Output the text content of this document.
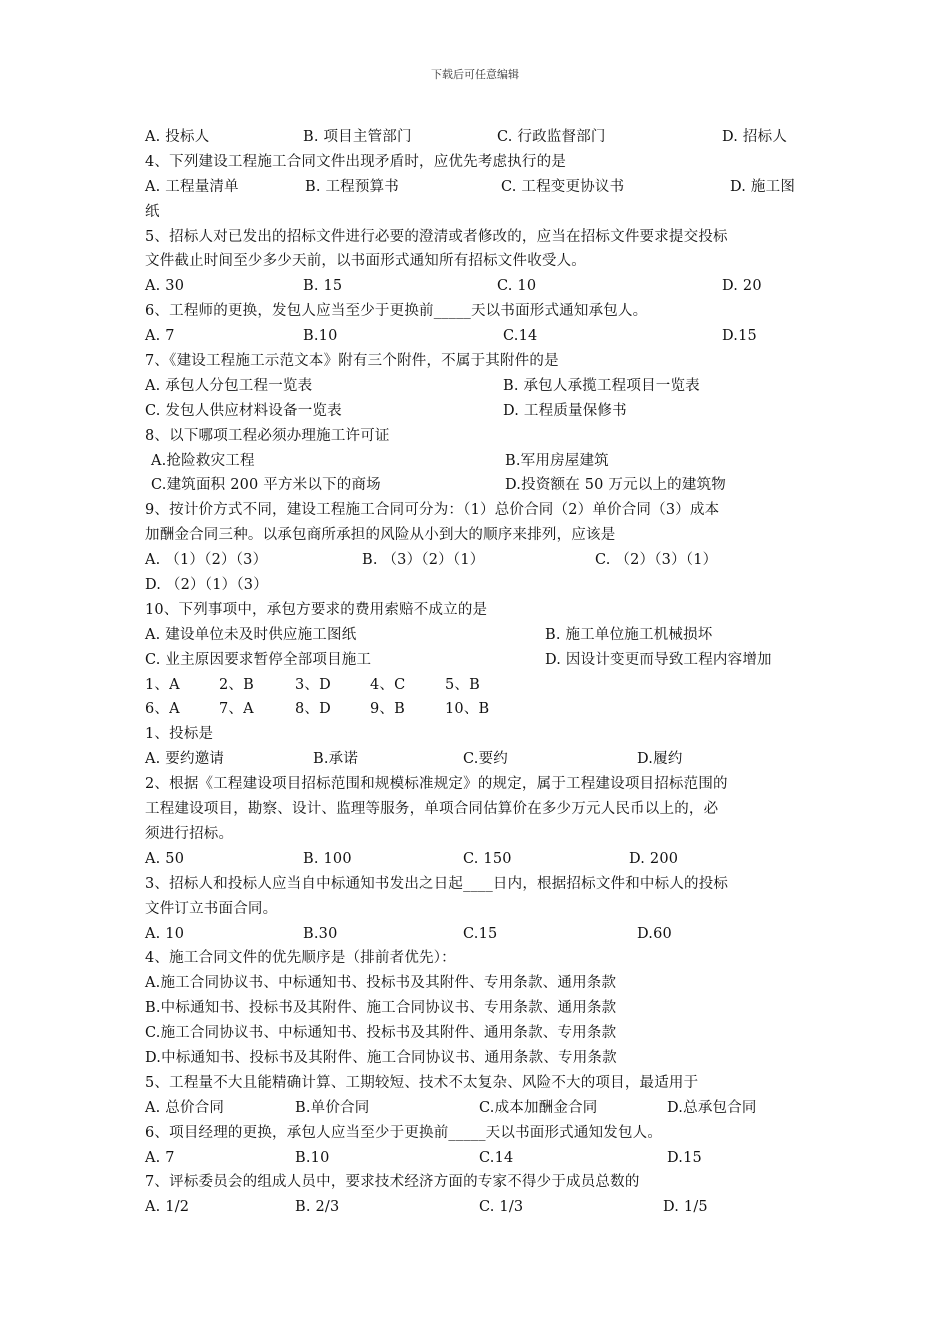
下载后可任意编辑
A. 投标人	B. 项目主管部门	C. 行政监督部门	D. 招标人
4、下列建设工程施工合同文件出现矛盾时，应优先考虑执行的是
A. 工程量清单	B. 工程预算书	C. 工程变更协议书	D. 施工图
纸
5、招标人对已发出的招标文件进行必要的澄清或者修改的，应当在招标文件要求提交投标
文件截止时间至少多少天前，以书面形式通知所有招标文件收受人。
A. 30	B. 15	C. 10	D. 20
6、工程师的更换，发包人应当至少于更换前_____天以书面形式通知承包人。
A. 7	B.10	C.14	D.15
7、《建设工程施工示范文本》附有三个附件，不属于其附件的是
A. 承包人分包工程一览表	B. 承包人承揽工程项目一览表
C. 发包人供应材料设备一览表	D. 工程质量保修书
8、以下哪项工程必须办理施工许可证
A.抢险救灾工程	B.军用房屋建筑
C.建筑面积 200 平方米以下的商场	D.投资额在 50 万元以上的建筑物
9、按计价方式不同，建设工程施工合同可分为：（1）总价合同（2）单价合同（3）成本
加酬金合同三种。以承包商所承担的风险从小到大的顺序来排列，应该是
A. （1）（2）（3）	B. （3）（2）（1）	C. （2）（3）（1）
D. （2）（1）（3）
10、下列事项中，承包方要求的费用索赔不成立的是
A. 建设单位未及时供应施工图纸	B. 施工单位施工机械损坏
C. 业主原因要求暂停全部项目施工	D. 因设计变更而导致工程内容增加
1、A	2、B	3、D	4、C	5、B
6、A	7、A	8、D	9、B	10、B
1、投标是
A. 要约邀请	B.承诺	C.要约	D.履约
2、根据《工程建设项目招标范围和规模标准规定》的规定，属于工程建设项目招标范围的
工程建设项目，勘察、设计、监理等服务，单项合同估算价在多少万元人民币以上的，必
须进行招标。
A. 50	B. 100	C. 150	D. 200
3、招标人和投标人应当自中标通知书发出之日起____日内，根据招标文件和中标人的投标
文件订立书面合同。
A. 10	B.30	C.15	D.60
4、施工合同文件的优先顺序是（排前者优先）：
A.施工合同协议书、中标通知书、投标书及其附件、专用条款、通用条款
B.中标通知书、投标书及其附件、施工合同协议书、专用条款、通用条款
C.施工合同协议书、中标通知书、投标书及其附件、通用条款、专用条款
D.中标通知书、投标书及其附件、施工合同协议书、通用条款、专用条款
5、工程量不大且能精确计算、工期较短、技术不太复杂、风险不大的项目，最适用于
A. 总价合同	B.单价合同	C.成本加酬金合同	D.总承包合同
6、项目经理的更换，承包人应当至少于更换前_____天以书面形式通知发包人。
A. 7	B.10	C.14	D.15
7、评标委员会的组成人员中，要求技术经济方面的专家不得少于成员总数的
A. 1/2	B. 2/3	C. 1/3	D. 1/5
